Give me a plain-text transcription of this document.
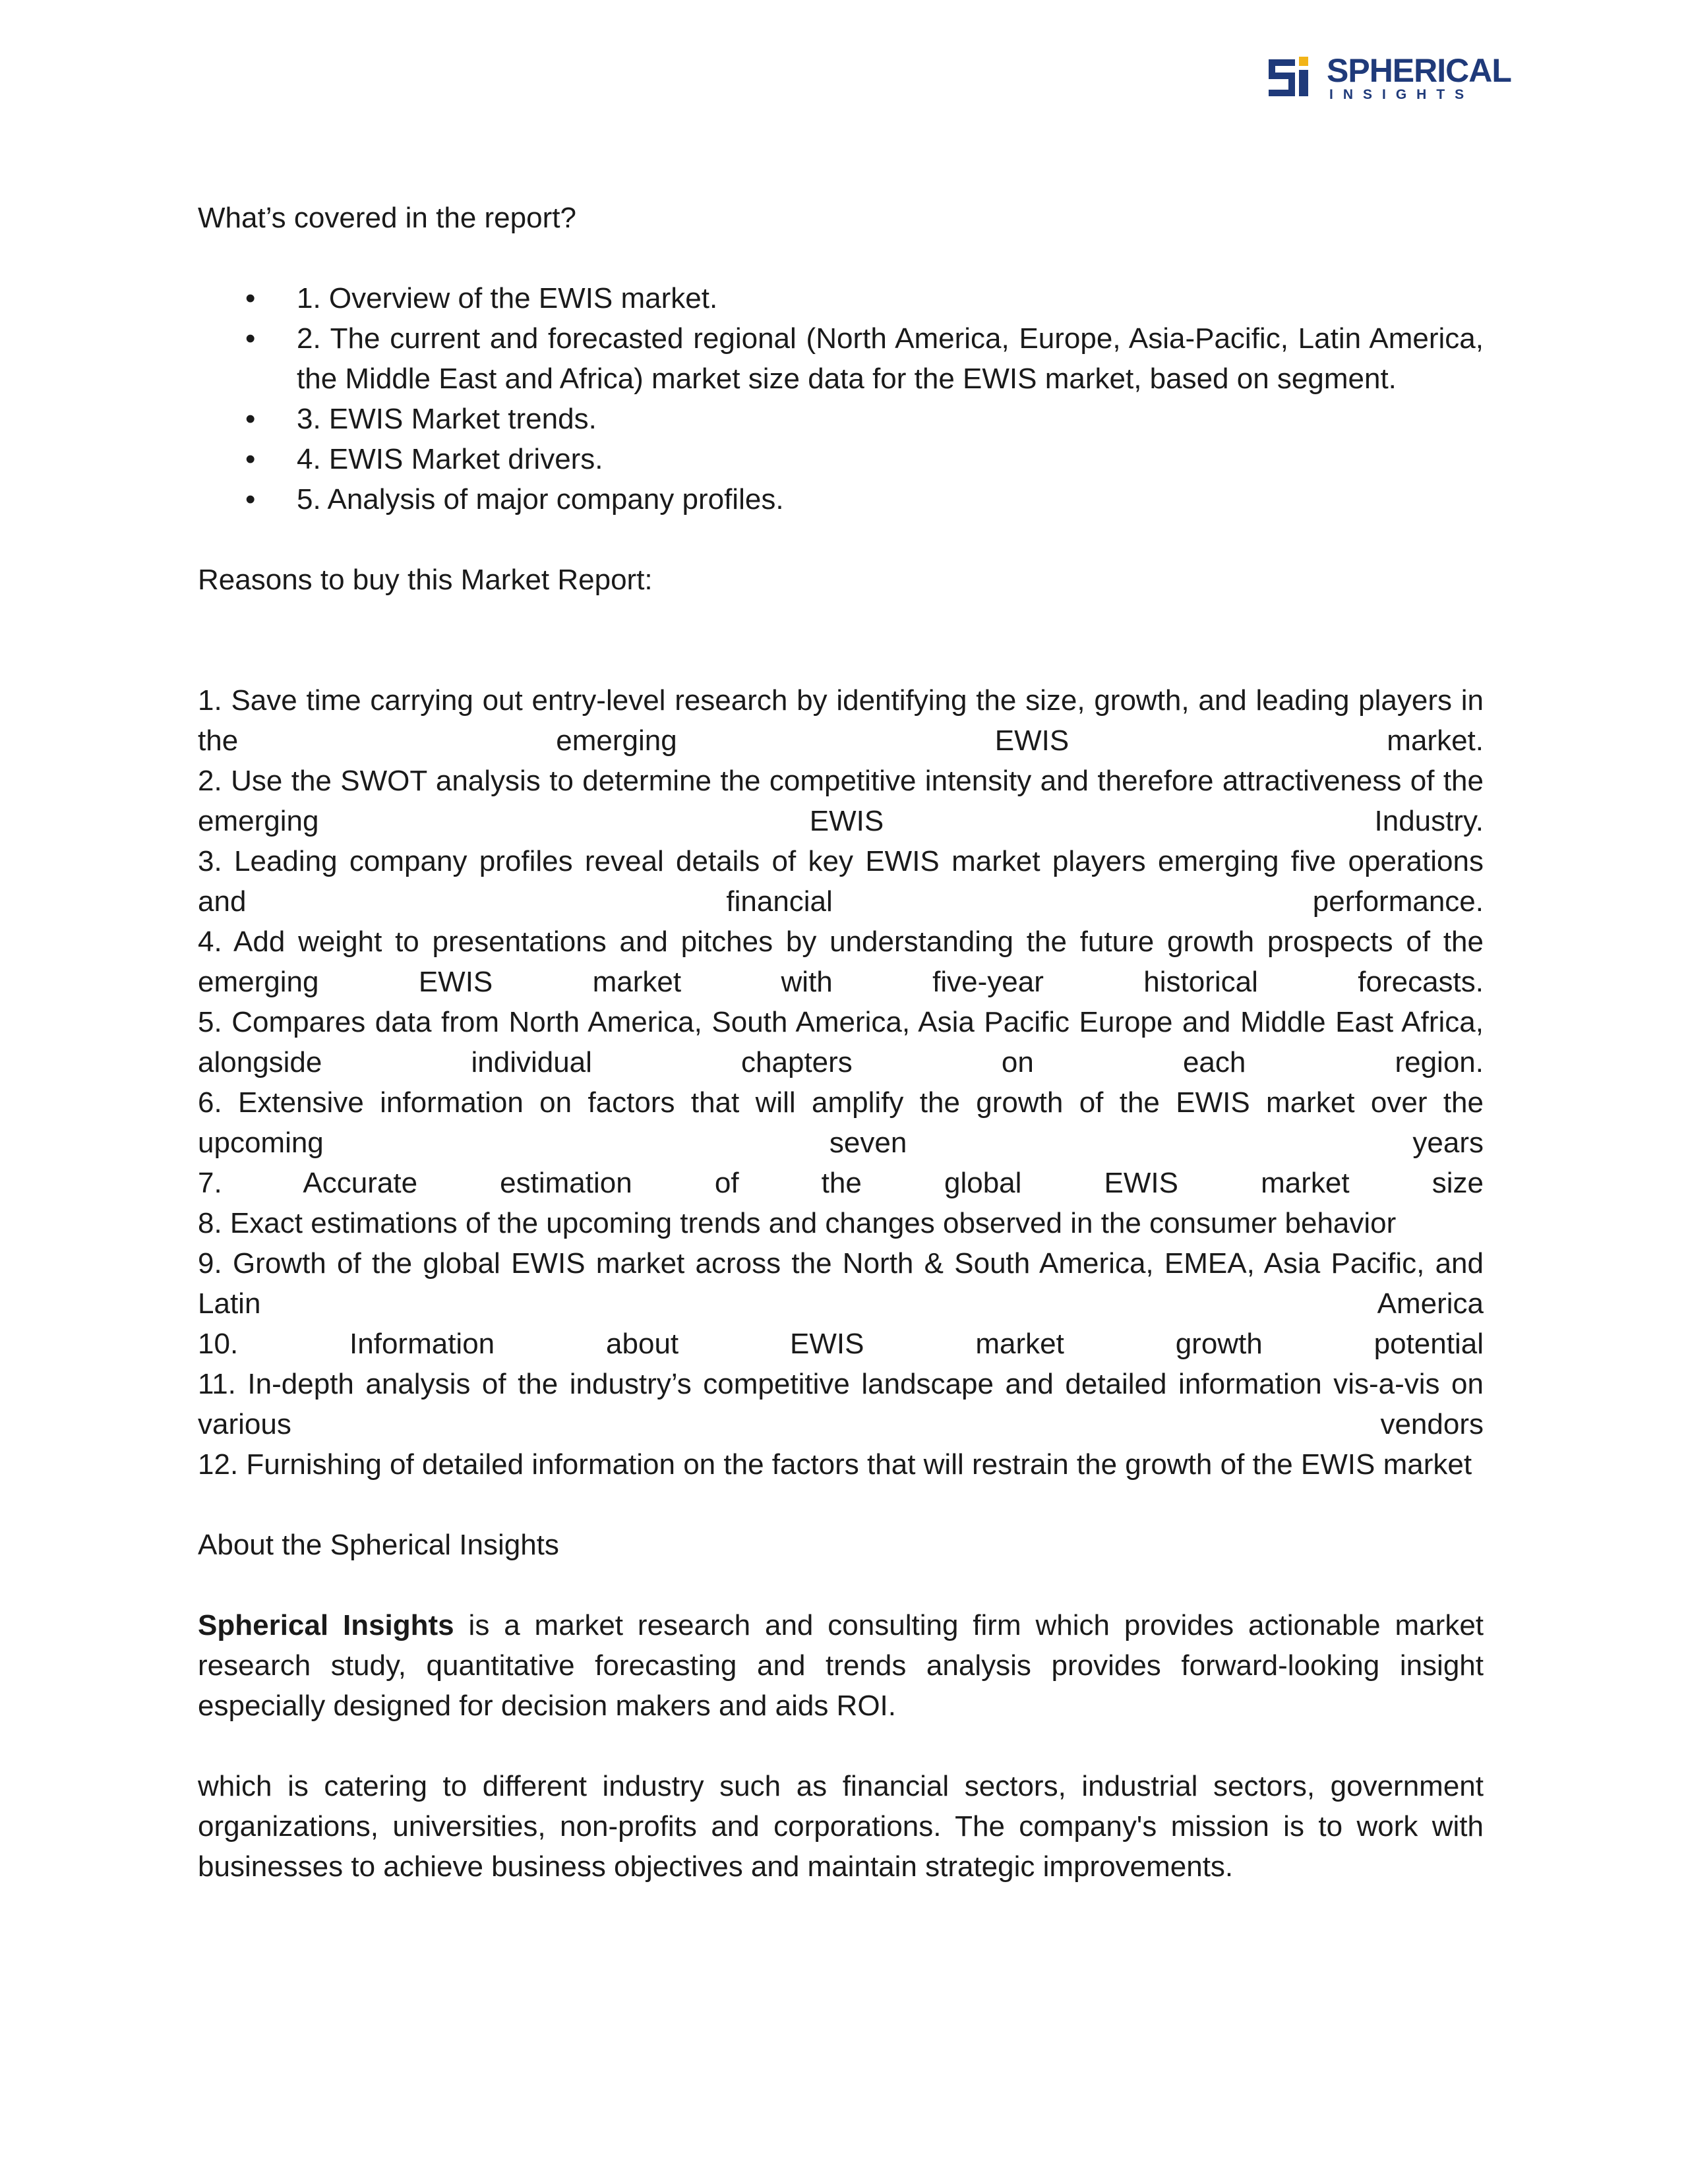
SPHERICAL
INSIGHTS

What’s covered in the report?

• 1. Overview of the EWIS market.
• 2. The current and forecasted regional (North America, Europe, Asia-Pacific, Latin America, the Middle East and Africa) market size data for the EWIS market, based on segment.
• 3. EWIS Market trends.
• 4. EWIS Market drivers.
• 5. Analysis of major company profiles.

Reasons to buy this Market Report:

1. Save time carrying out entry-level research by identifying the size, growth, and leading players in the emerging EWIS market.

2. Use the SWOT analysis to determine the competitive intensity and therefore attractiveness of the emerging EWIS Industry.

3. Leading company profiles reveal details of key EWIS market players emerging five operations and financial performance.

4. Add weight to presentations and pitches by understanding the future growth prospects of the emerging EWIS market with five-year historical forecasts.

5. Compares data from North America, South America, Asia Pacific Europe and Middle East Africa, alongside individual chapters on each region.

6. Extensive information on factors that will amplify the growth of the EWIS market over the upcoming seven years

7. Accurate estimation of the global EWIS market size

8. Exact estimations of the upcoming trends and changes observed in the consumer behavior

9. Growth of the global EWIS market across the North & South America, EMEA, Asia Pacific, and Latin America

10. Information about EWIS market growth potential

11. In-depth analysis of the industry’s competitive landscape and detailed information vis-a-vis on various vendors

12. Furnishing of detailed information on the factors that will restrain the growth of the EWIS market

About the Spherical Insights

Spherical Insights is a market research and consulting firm which provides actionable market research study, quantitative forecasting and trends analysis provides forward-looking insight especially designed for decision makers and aids ROI.

which is catering to different industry such as financial sectors, industrial sectors, government organizations, universities, non-profits and corporations. The company's mission is to work with businesses to achieve business objectives and maintain strategic improvements.
